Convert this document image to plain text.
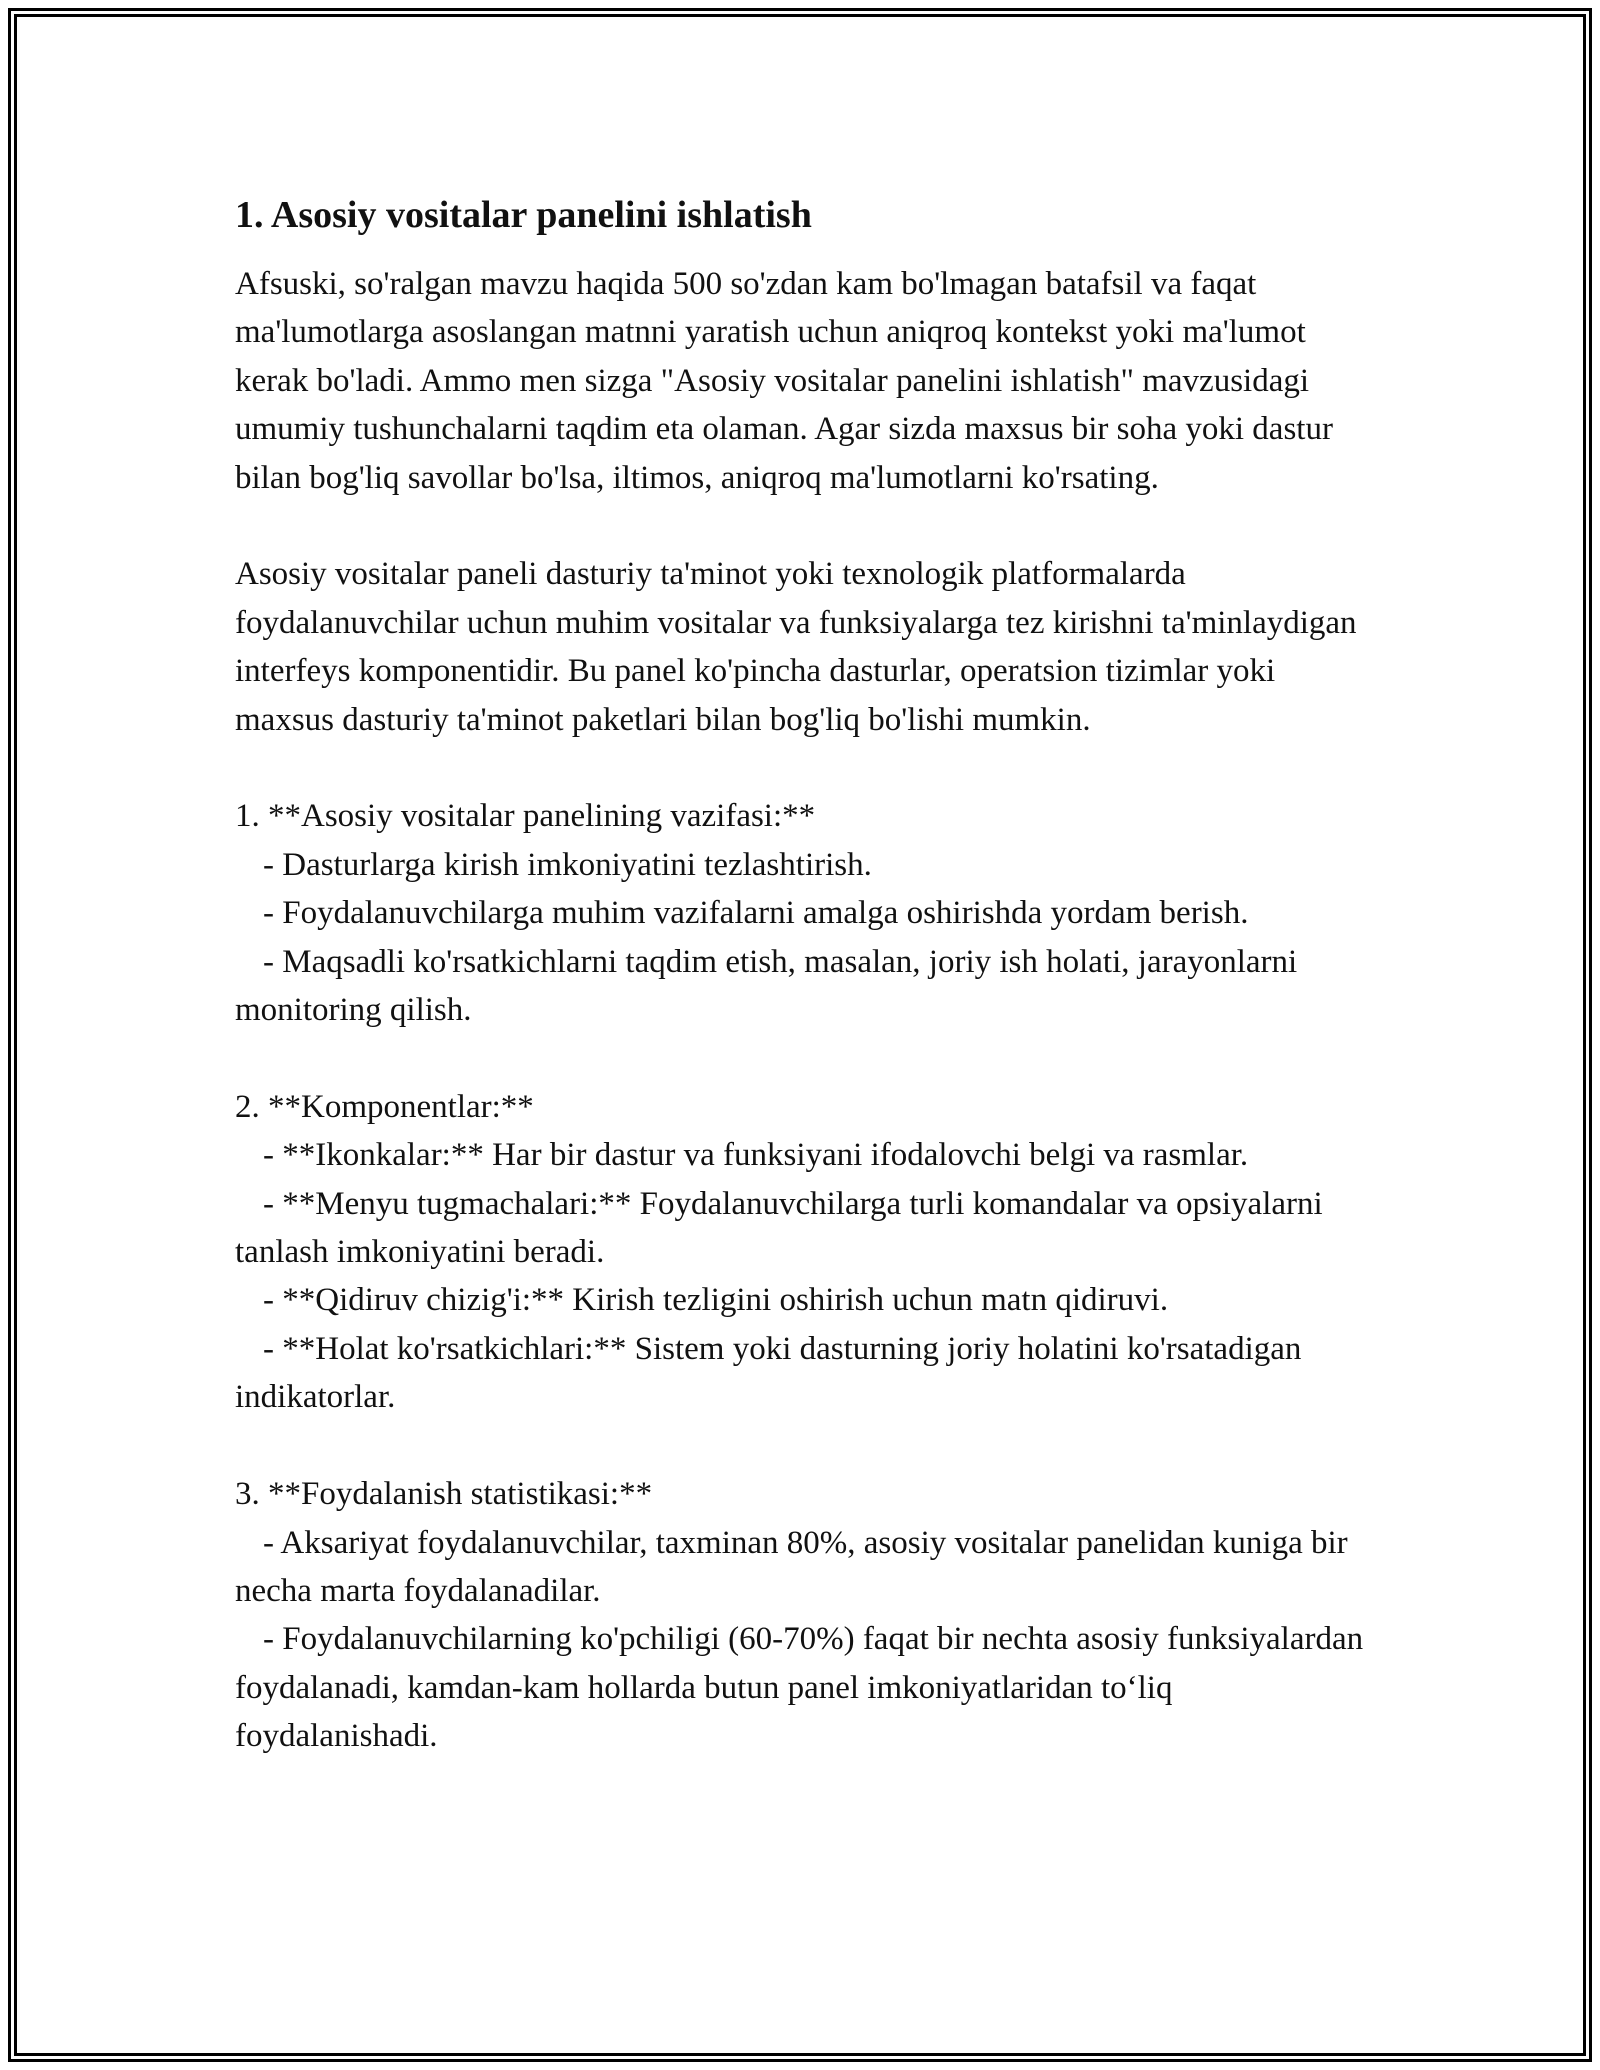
1. Asosiy vositalar panelini ishlatish

Afsuski, so'ralgan mavzu haqida 500 so'zdan kam bo'lmagan batafsil va faqat ma'lumotlarga asoslangan matnni yaratish uchun aniqroq kontekst yoki ma'lumot kerak bo'ladi. Ammo men sizga "Asosiy vositalar panelini ishlatish" mavzusidagi umumiy tushunchalarni taqdim eta olaman. Agar sizda maxsus bir soha yoki dastur bilan bog'liq savollar bo'lsa, iltimos, aniqroq ma'lumotlarni ko'rsating.

Asosiy vositalar paneli dasturiy ta'minot yoki texnologik platformalarda foydalanuvchilar uchun muhim vositalar va funksiyalarga tez kirishni ta'minlaydigan interfeys komponentidir. Bu panel ko'pincha dasturlar, operatsion tizimlar yoki maxsus dasturiy ta'minot paketlari bilan bog'liq bo'lishi mumkin.

1. **Asosiy vositalar panelining vazifasi:**
- Dasturlarga kirish imkoniyatini tezlashtirish.
- Foydalanuvchilarga muhim vazifalarni amalga oshirishda yordam berish.
- Maqsadli ko'rsatkichlarni taqdim etish, masalan, joriy ish holati, jarayonlarni monitoring qilish.
2. **Komponentlar:**
- **Ikonkalar:** Har bir dastur va funksiyani ifodalovchi belgi va rasmlar.
- **Menyu tugmachalari:** Foydalanuvchilarga turli komandalar va opsiyalarni tanlash imkoniyatini beradi.
- **Qidiruv chizig'i:** Kirish tezligini oshirish uchun matn qidiruvi.
- **Holat ko'rsatkichlari:** Sistem yoki dasturning joriy holatini ko'rsatadigan indikatorlar.
3. **Foydalanish statistikasi:**
- Aksariyat foydalanuvchilar, taxminan 80%, asosiy vositalar panelidan kuniga bir necha marta foydalanadilar.
- Foydalanuvchilarning ko'pchiligi (60-70%) faqat bir nechta asosiy funksiyalardan foydalanadi, kamdan-kam hollarda butun panel imkoniyatlaridan to‘liq foydalanishadi.
